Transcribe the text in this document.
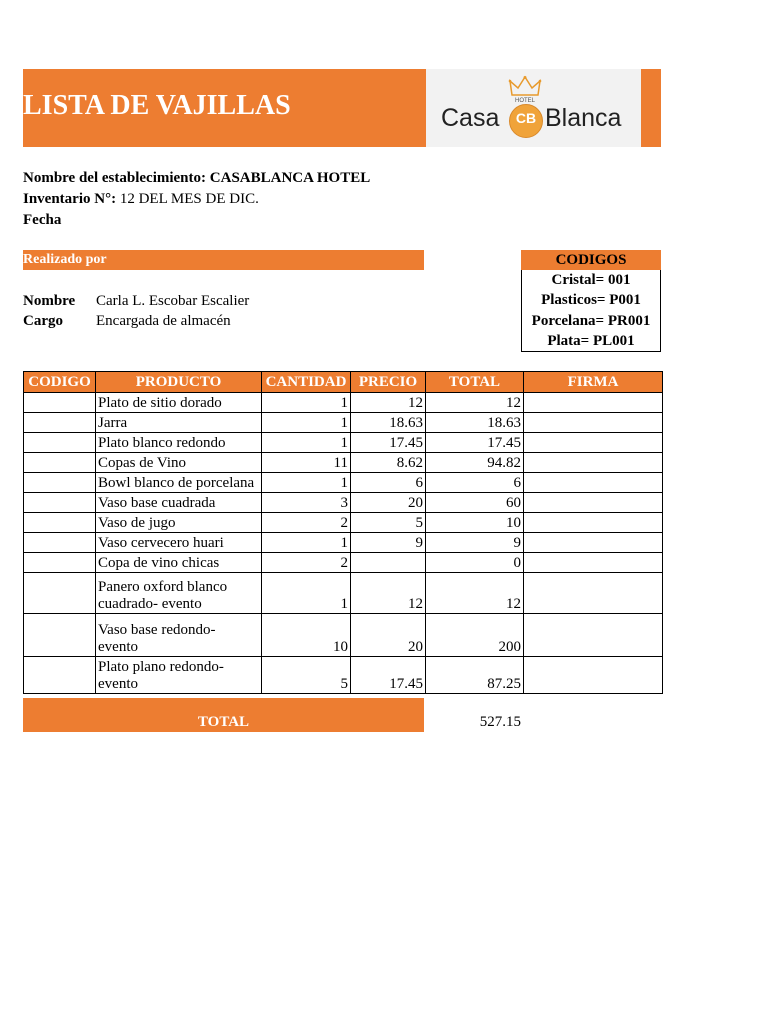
LISTA DE VAJILLAS	Casa	CB
HOTEL
Blanca
Nombre del establecimiento: CASABLANCA HOTEL
Inventario N°: 12 DEL MES DE DIC.
Fecha
Realizado por
Nombre Carla L. Escobar Escalier
Cargo Encargada de almacén
CODIGOS
Cristal= 001
Plasticos= P001
Porcelana= PR001
Plata= PL001
CODIGO	PRODUCTO	CANTIDAD	PRECIO	TOTAL	FIRMA
	Plato de sitio dorado	1	12	12	
	Jarra	1	18.63	18.63	
	Plato blanco redondo	1	17.45	17.45	
	Copas de Vino	11	8.62	94.82	
	Bowl blanco de porcelana	1	6	6	
	Vaso base cuadrada	3	20	60	
	Vaso de jugo	2	5	10	
	Vaso cervecero huari	1	9	9	
	Copa de vino chicas	2		0	
	Panero oxford blanco cuadrado- evento	1	12	12	
	Vaso base redondo- evento	10	20	200	
	Plato plano redondo- evento	5	17.45	87.25	
TOTAL	527.15
